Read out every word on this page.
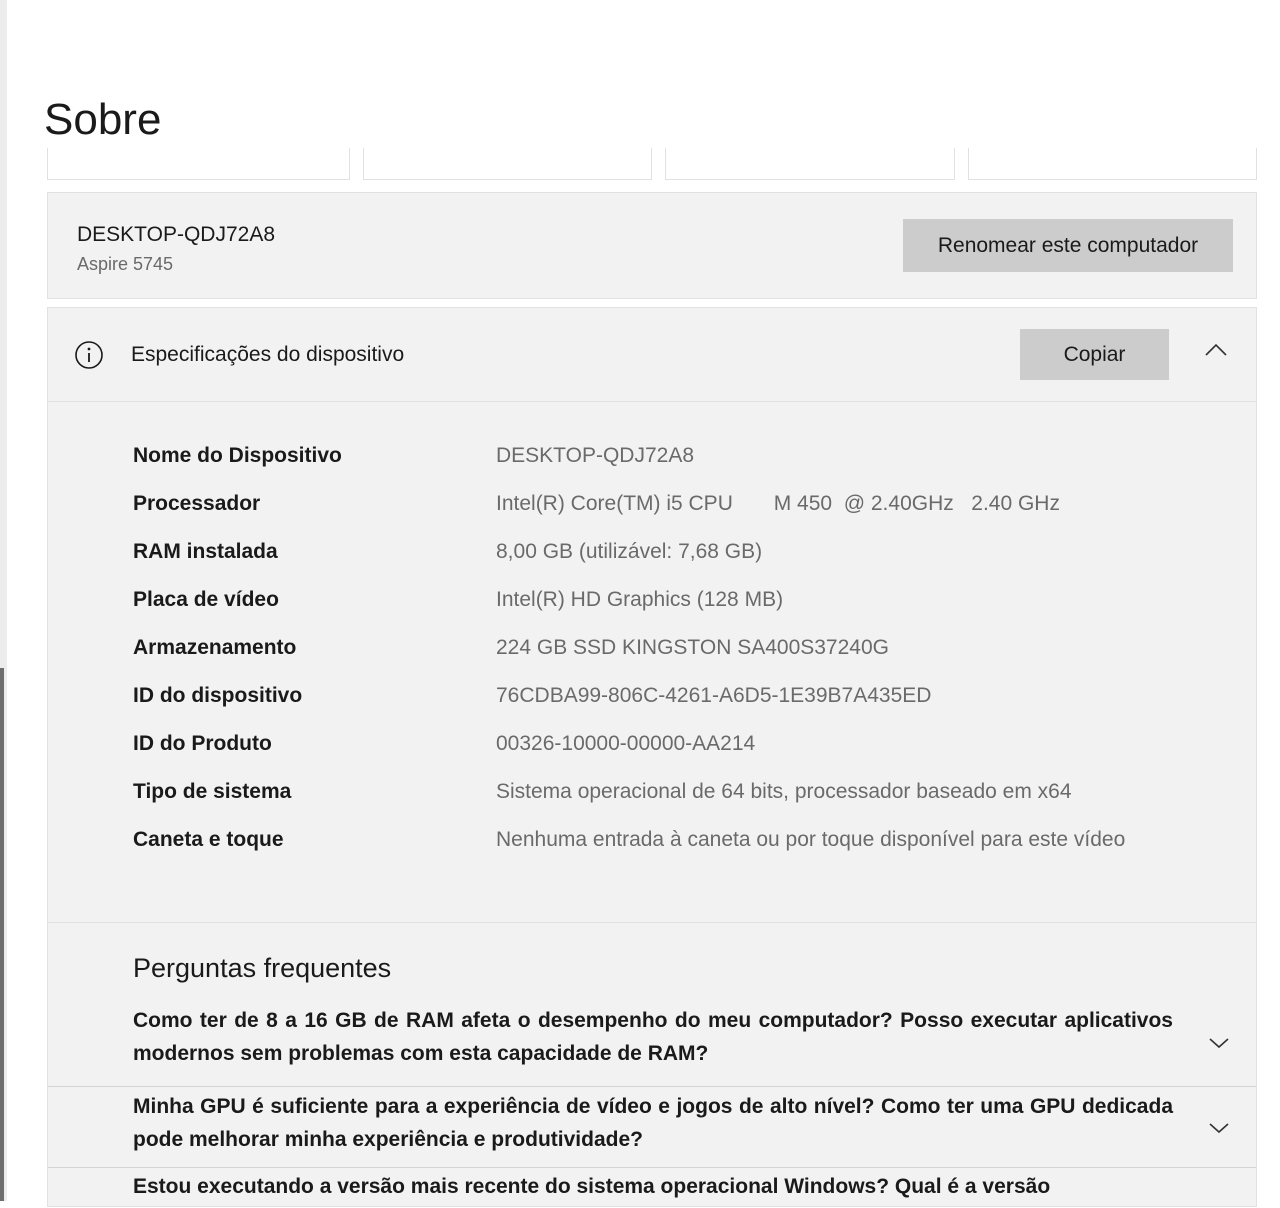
Sobre
DESKTOP-QDJ72A8
Aspire 5745
Renomear este computador
Especificações do dispositivo	Copiar
Nome do Dispositivo	DESKTOP-QDJ72A8
Processador	Intel(R) Core(TM) i5 CPU       M 450  @ 2.40GHz   2.40 GHz
RAM instalada	8,00 GB (utilizável: 7,68 GB)
Placa de vídeo	Intel(R) HD Graphics (128 MB)
Armazenamento	224 GB SSD KINGSTON SA400S37240G
ID do dispositivo	76CDBA99-806C-4261-A6D5-1E39B7A435ED
ID do Produto	00326-10000-00000-AA214
Tipo de sistema	Sistema operacional de 64 bits, processador baseado em x64
Caneta e toque	Nenhuma entrada à caneta ou por toque disponível para este vídeo
Perguntas frequentes
Como ter de 8 a 16 GB de RAM afeta o desempenho do meu computador? Posso executar aplicativos modernos sem problemas com esta capacidade de RAM?
Minha GPU é suficiente para a experiência de vídeo e jogos de alto nível? Como ter uma GPU dedicada pode melhorar minha experiência e produtividade?
Estou executando a versão mais recente do sistema operacional Windows? Qual é a versão
